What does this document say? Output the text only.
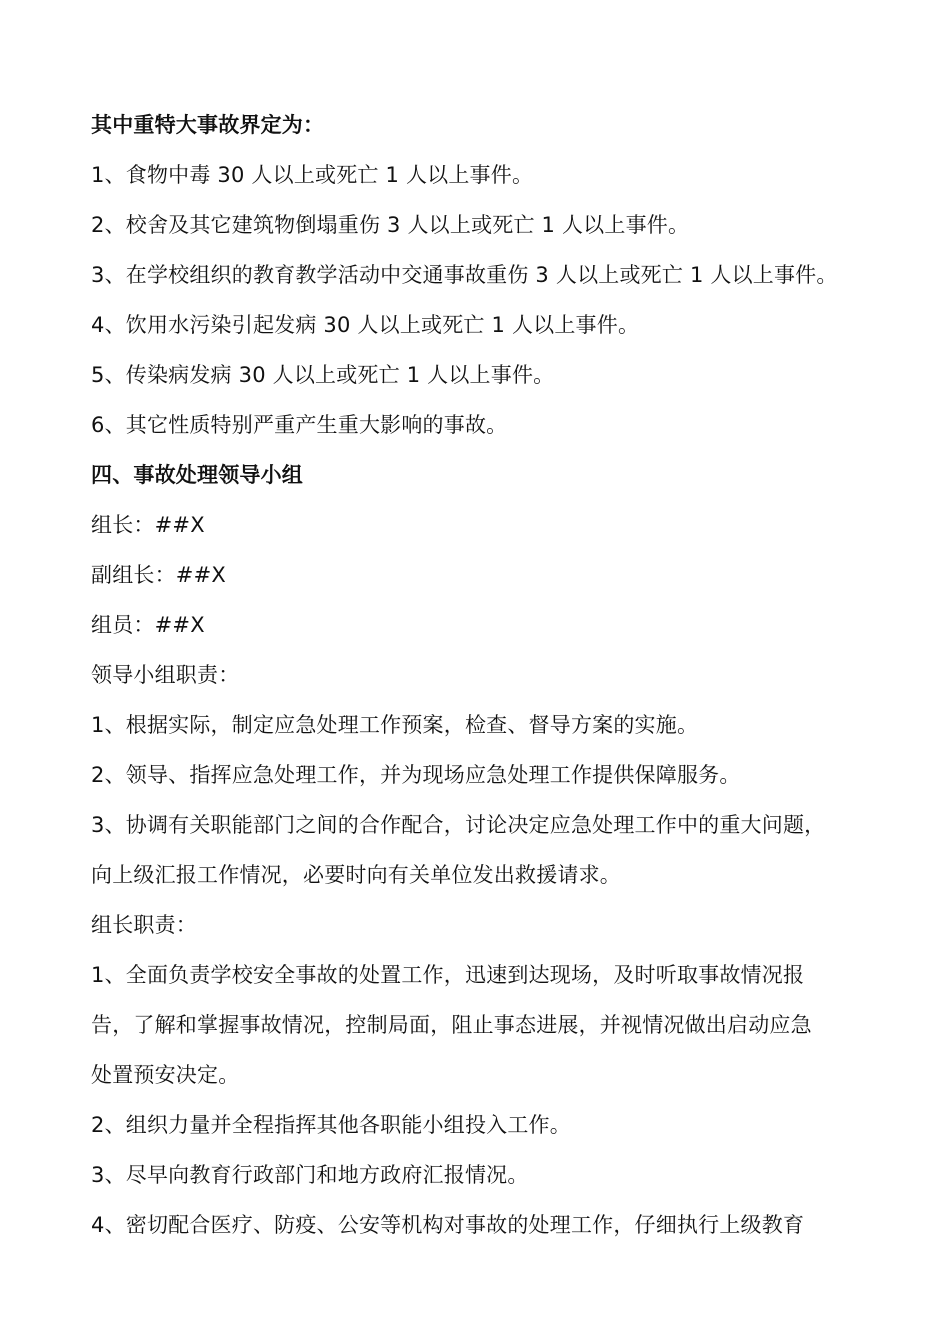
其中重特大事故界定为：
1、食物中毒 30 人以上或死亡 1 人以上事件。
2、校舍及其它建筑物倒塌重伤 3 人以上或死亡 1 人以上事件。
3、在学校组织的教育教学活动中交通事故重伤 3 人以上或死亡 1 人以上事件。
4、饮用水污染引起发病 30 人以上或死亡 1 人以上事件。
5、传染病发病 30 人以上或死亡 1 人以上事件。
6、其它性质特别严重产生重大影响的事故。
四、事故处理领导小组
组长：##X
副组长：##X
组员：##X
领导小组职责：
1、根据实际，制定应急处理工作预案，检查、督导方案的实施。
2、领导、指挥应急处理工作，并为现场应急处理工作提供保障服务。
3、协调有关职能部门之间的合作配合，讨论决定应急处理工作中的重大问题，
向上级汇报工作情况，必要时向有关单位发出救援请求。
组长职责：
1、全面负责学校安全事故的处置工作，迅速到达现场，及时听取事故情况报
告，了解和掌握事故情况，控制局面，阻止事态进展，并视情况做出启动应急
处置预安决定。
2、组织力量并全程指挥其他各职能小组投入工作。
3、尽早向教育行政部门和地方政府汇报情况。
4、密切配合医疗、防疫、公安等机构对事故的处理工作，仔细执行上级教育
